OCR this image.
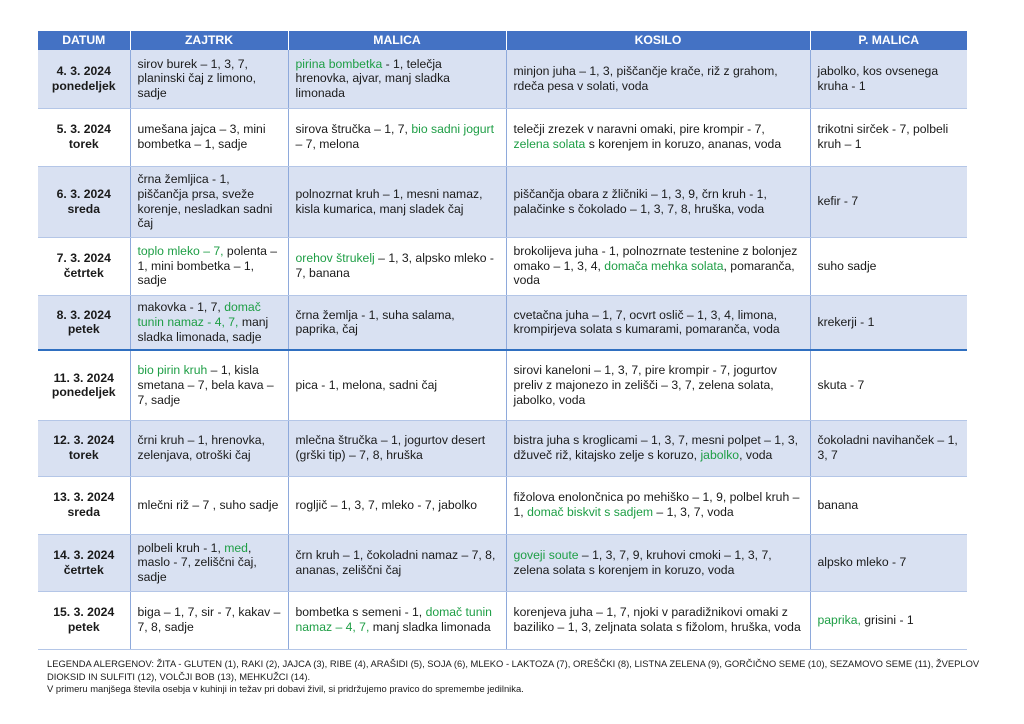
DATUM	ZAJTRK	MALICA	KOSILO	P. MALICA

4. 3. 2024
ponedeljek	sirov burek – 1, 3, 7, planinski čaj z limono, sadje	pirina bombetka - 1, telečja hrenovka, ajvar, manj sladka limonada	minjon juha – 1, 3, piščančje krače, riž z grahom, rdeča pesa v solati, voda	jabolko, kos ovsenega kruha - 1

5. 3. 2024
torek	umešana jajca – 3, mini bombetka – 1, sadje	sirova štručka – 1, 7, bio sadni jogurt – 7, melona	telečji zrezek v naravni omaki, pire krompir - 7, zelena solata s korenjem in koruzo, ananas, voda	trikotni sirček - 7, polbeli kruh – 1

6. 3. 2024
sreda	črna žemljica - 1, piščančja prsa, sveže korenje, nesladkan sadni čaj	polnozrnat kruh – 1, mesni namaz, kisla kumarica, manj sladek čaj	piščančja obara z žličniki – 1, 3, 9, črn kruh - 1, palačinke s čokolado – 1, 3, 7, 8, hruška, voda	kefir - 7

7. 3. 2024
četrtek	toplo mleko – 7, polenta – 1, mini bombetka – 1, sadje	orehov štrukelj – 1, 3, alpsko mleko - 7, banana	brokolijeva juha - 1, polnozrnate testenine z bolonjez omako – 1, 3, 4, domača mehka solata, pomaranča, voda	suho sadje

8. 3. 2024
petek	makovka - 1, 7, domač tunin namaz - 4, 7, manj sladka limonada, sadje	črna žemlja - 1, suha salama, paprika, čaj	cvetačna juha – 1, 7, ocvrt oslič – 1, 3, 4, limona, krompirjeva solata s kumarami, pomaranča, voda	krekerji - 1

11. 3. 2024
ponedeljek	bio pirin kruh – 1, kisla smetana – 7, bela kava – 7, sadje	pica - 1, melona, sadni čaj	sirovi kaneloni – 1, 3, 7, pire krompir - 7, jogurtov preliv z majonezo in zelišči – 3, 7, zelena solata, jabolko, voda	skuta - 7

12. 3. 2024
torek	črni kruh – 1, hrenovka, zelenjava, otroški čaj	mlečna štručka – 1, jogurtov desert (grški tip) – 7, 8, hruška	bistra juha s kroglicami – 1, 3, 7, mesni polpet – 1, 3, džuveč riž, kitajsko zelje s koruzo, jabolko, voda	čokoladni navihanček – 1, 3, 7

13. 3. 2024
sreda	mlečni riž – 7 , suho sadje	rogljič – 1, 3, 7, mleko - 7, jabolko	fižolova enolončnica po mehiško – 1, 9, polbel kruh – 1, domač biskvit s sadjem – 1, 3, 7, voda	banana

14. 3. 2024
četrtek	polbeli kruh - 1, med, maslo - 7, zeliščni čaj, sadje	črn kruh – 1, čokoladni namaz – 7, 8, ananas, zeliščni čaj	goveji soute – 1, 3, 7, 9, kruhovi cmoki – 1, 3, 7, zelena solata s korenjem in koruzo, voda	alpsko mleko - 7

15. 3. 2024
petek	biga – 1, 7, sir - 7, kakav – 7, 8, sadje	bombetka s semeni - 1, domač tunin namaz – 4, 7, manj sladka limonada	korenjeva juha – 1, 7, njoki v paradižnikovi omaki z baziliko – 1, 3, zeljnata solata s fižolom, hruška, voda	paprika, grisini - 1

LEGENDA ALERGENOV: ŽITA - GLUTEN (1), RAKI (2), JAJCA (3), RIBE (4), ARAŠIDI (5), SOJA (6), MLEKO - LAKTOZA (7), OREŠČKI (8), LISTNA ZELENA (9), GORČIČNO SEME (10), SEZAMOVO SEME (11), ŽVEPLOV DIOKSID IN SULFITI (12), VOLČJI BOB (13), MEHKUŽCI (14).

V primeru manjšega števila osebja v kuhinji in težav pri dobavi živil, si pridržujemo pravico do spremembe jedilnika.
